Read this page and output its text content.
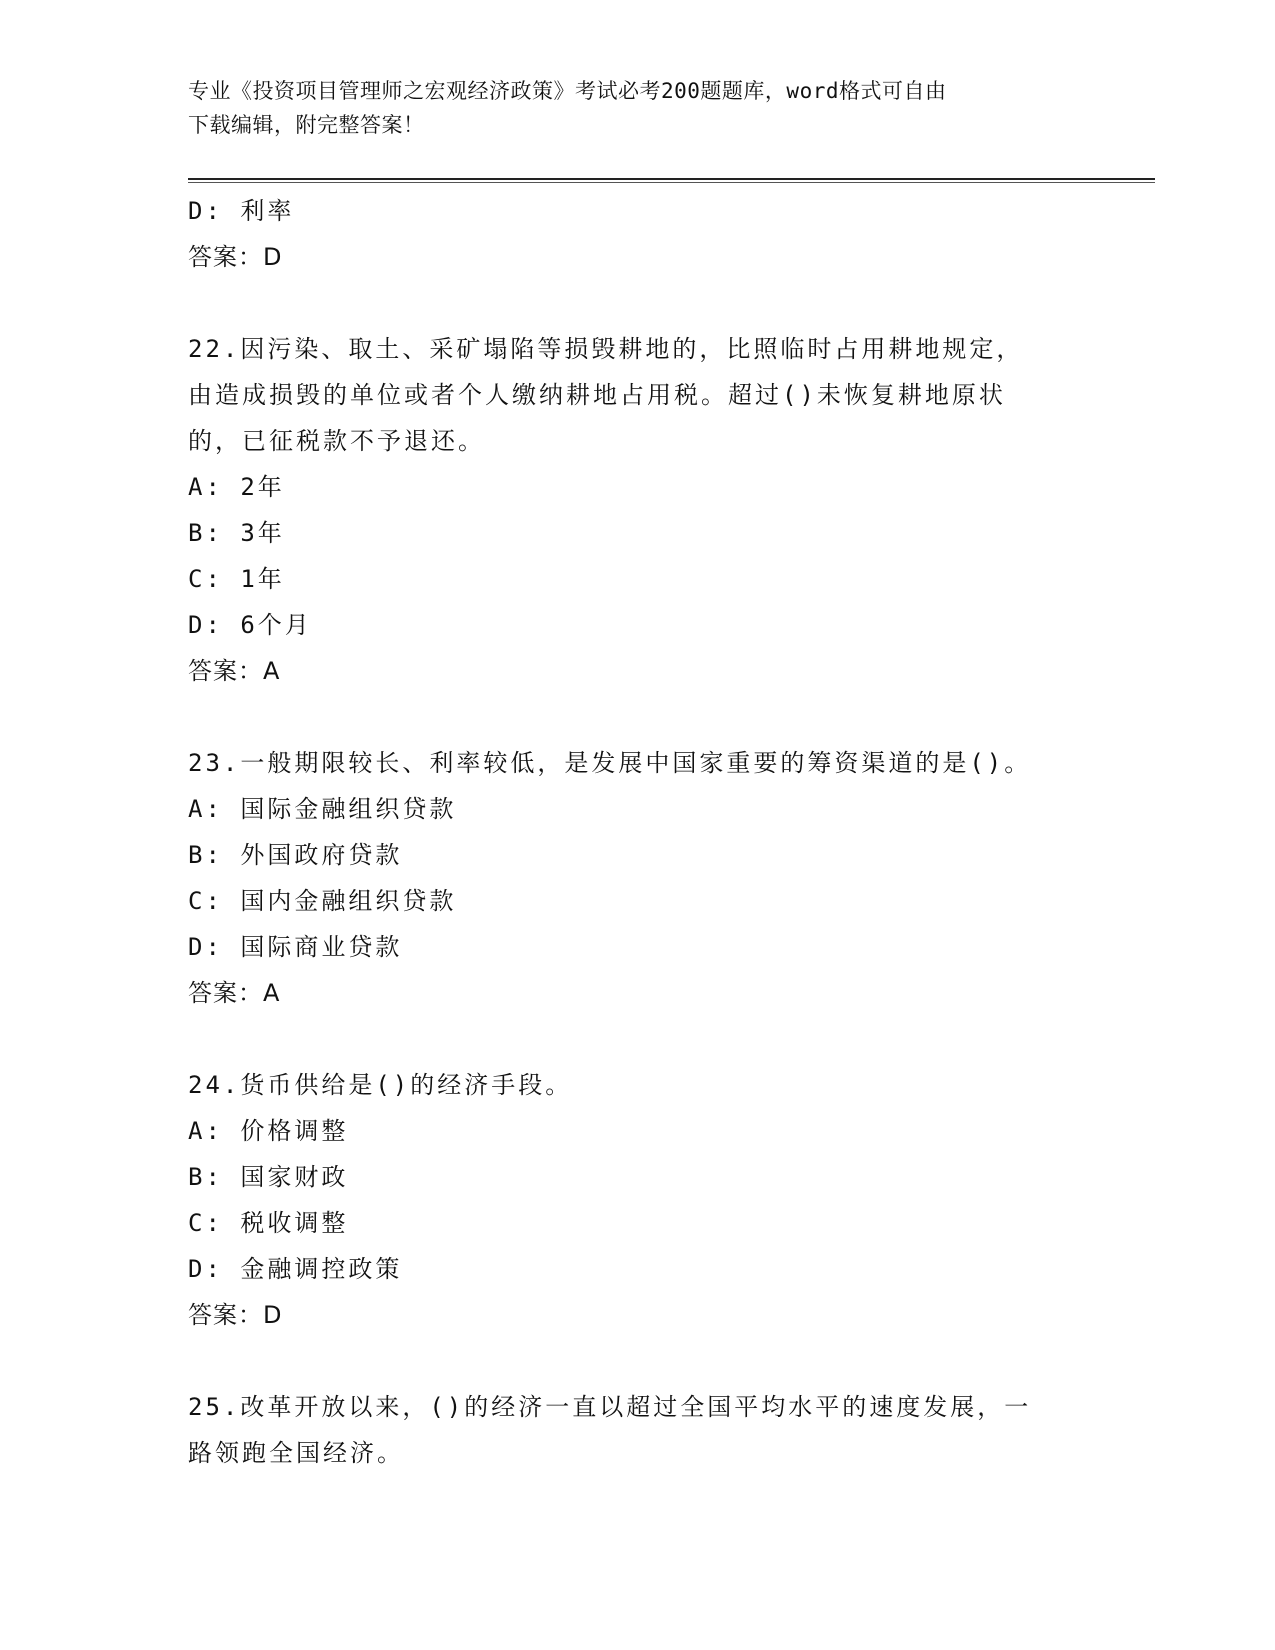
专业《投资项目管理师之宏观经济政策》考试必考200题题库，word格式可自由
下载编辑，附完整答案！
D: 利率
答案：D
22.因污染、取土、采矿塌陷等损毁耕地的，比照临时占用耕地规定，
由造成损毁的单位或者个人缴纳耕地占用税。超过()未恢复耕地原状
的，已征税款不予退还。
A: 2年
B: 3年
C: 1年
D: 6个月
答案：A
23.一般期限较长、利率较低，是发展中国家重要的筹资渠道的是()。
A: 国际金融组织贷款
B: 外国政府贷款
C: 国内金融组织贷款
D: 国际商业贷款
答案：A
24.货币供给是()的经济手段。
A: 价格调整
B: 国家财政
C: 税收调整
D: 金融调控政策
答案：D
25.改革开放以来，()的经济一直以超过全国平均水平的速度发展，一
路领跑全国经济。
